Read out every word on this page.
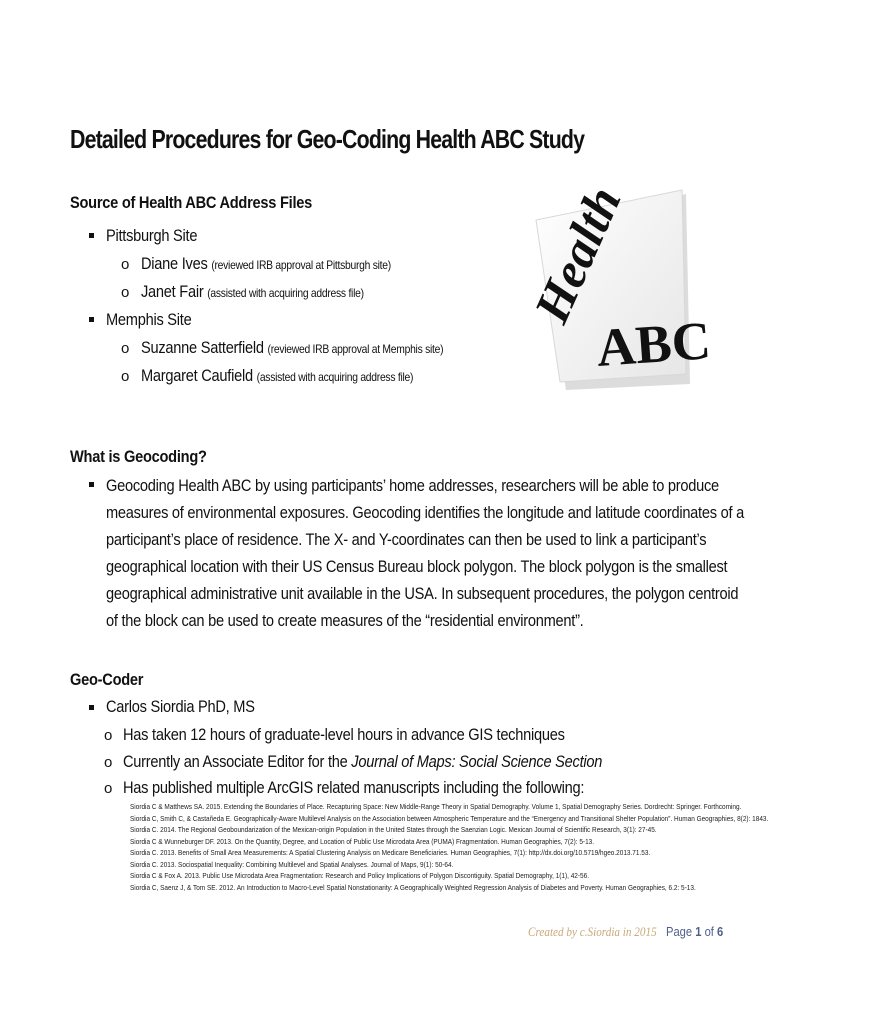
Detailed Procedures for Geo-Coding Health ABC Study
Source of Health ABC Address Files
Pittsburgh Site
o Diane Ives (reviewed IRB approval at Pittsburgh site)
o Janet Fair (assisted with acquiring address file)
Memphis Site
o Suzanne Satterfield (reviewed IRB approval at Memphis site)
o Margaret Caufield (assisted with acquiring address file)
Health
ABC
What is Geocoding?
Geocoding Health ABC by using participants’ home addresses, researchers will be able to produce
measures of environmental exposures. Geocoding identifies the longitude and latitude coordinates of a
participant’s place of residence. The X- and Y-coordinates can then be used to link a participant’s
geographical location with their US Census Bureau block polygon. The block polygon is the smallest
geographical administrative unit available in the USA. In subsequent procedures, the polygon centroid
of the block can be used to create measures of the “residential environment”.
Geo-Coder
Carlos Siordia PhD, MS
o Has taken 12 hours of graduate-level hours in advance GIS techniques
o Currently an Associate Editor for the Journal of Maps: Social Science Section
o Has published multiple ArcGIS related manuscripts including the following:
Siordia C & Matthews SA. 2015. Extending the Boundaries of Place. Recapturing Space: New Middle-Range Theory in Spatial Demography. Volume 1, Spatial Demography Series. Dordrecht: Springer. Forthcoming.
Siordia C, Smith C, & Castañeda E. Geographically-Aware Multilevel Analysis on the Association between Atmospheric Temperature and the “Emergency and Transitional Shelter Population”. Human Geographies, 8(2): 1843.
Siordia C. 2014. The Regional Geoboundarization of the Mexican-origin Population in the United States through the Saenzian Logic. Mexican Journal of Scientific Research, 3(1): 27-45.
Siordia C & Wunneburger DF. 2013. On the Quantity, Degree, and Location of Public Use Microdata Area (PUMA) Fragmentation. Human Geographies, 7(2): 5-13.
Siordia C. 2013. Benefits of Small Area Measurements: A Spatial Clustering Analysis on Medicare Beneficiaries. Human Geographies, 7(1): http://dx.doi.org/10.5719/hgeo.2013.71.53.
Siordia C. 2013. Sociospatial Inequality: Combining Multilevel and Spatial Analyses. Journal of Maps, 9(1): 50-64.
Siordia C & Fox A. 2013. Public Use Microdata Area Fragmentation: Research and Policy Implications of Polygon Discontiguity. Spatial Demography, 1(1), 42-56.
Siordia C, Saenz J, & Tom SE. 2012. An Introduction to Macro-Level Spatial Nonstationarity: A Geographically Weighted Regression Analysis of Diabetes and Poverty. Human Geographies, 6.2: 5-13.
Created by c.Siordia in 2015 Page 1 of 6
